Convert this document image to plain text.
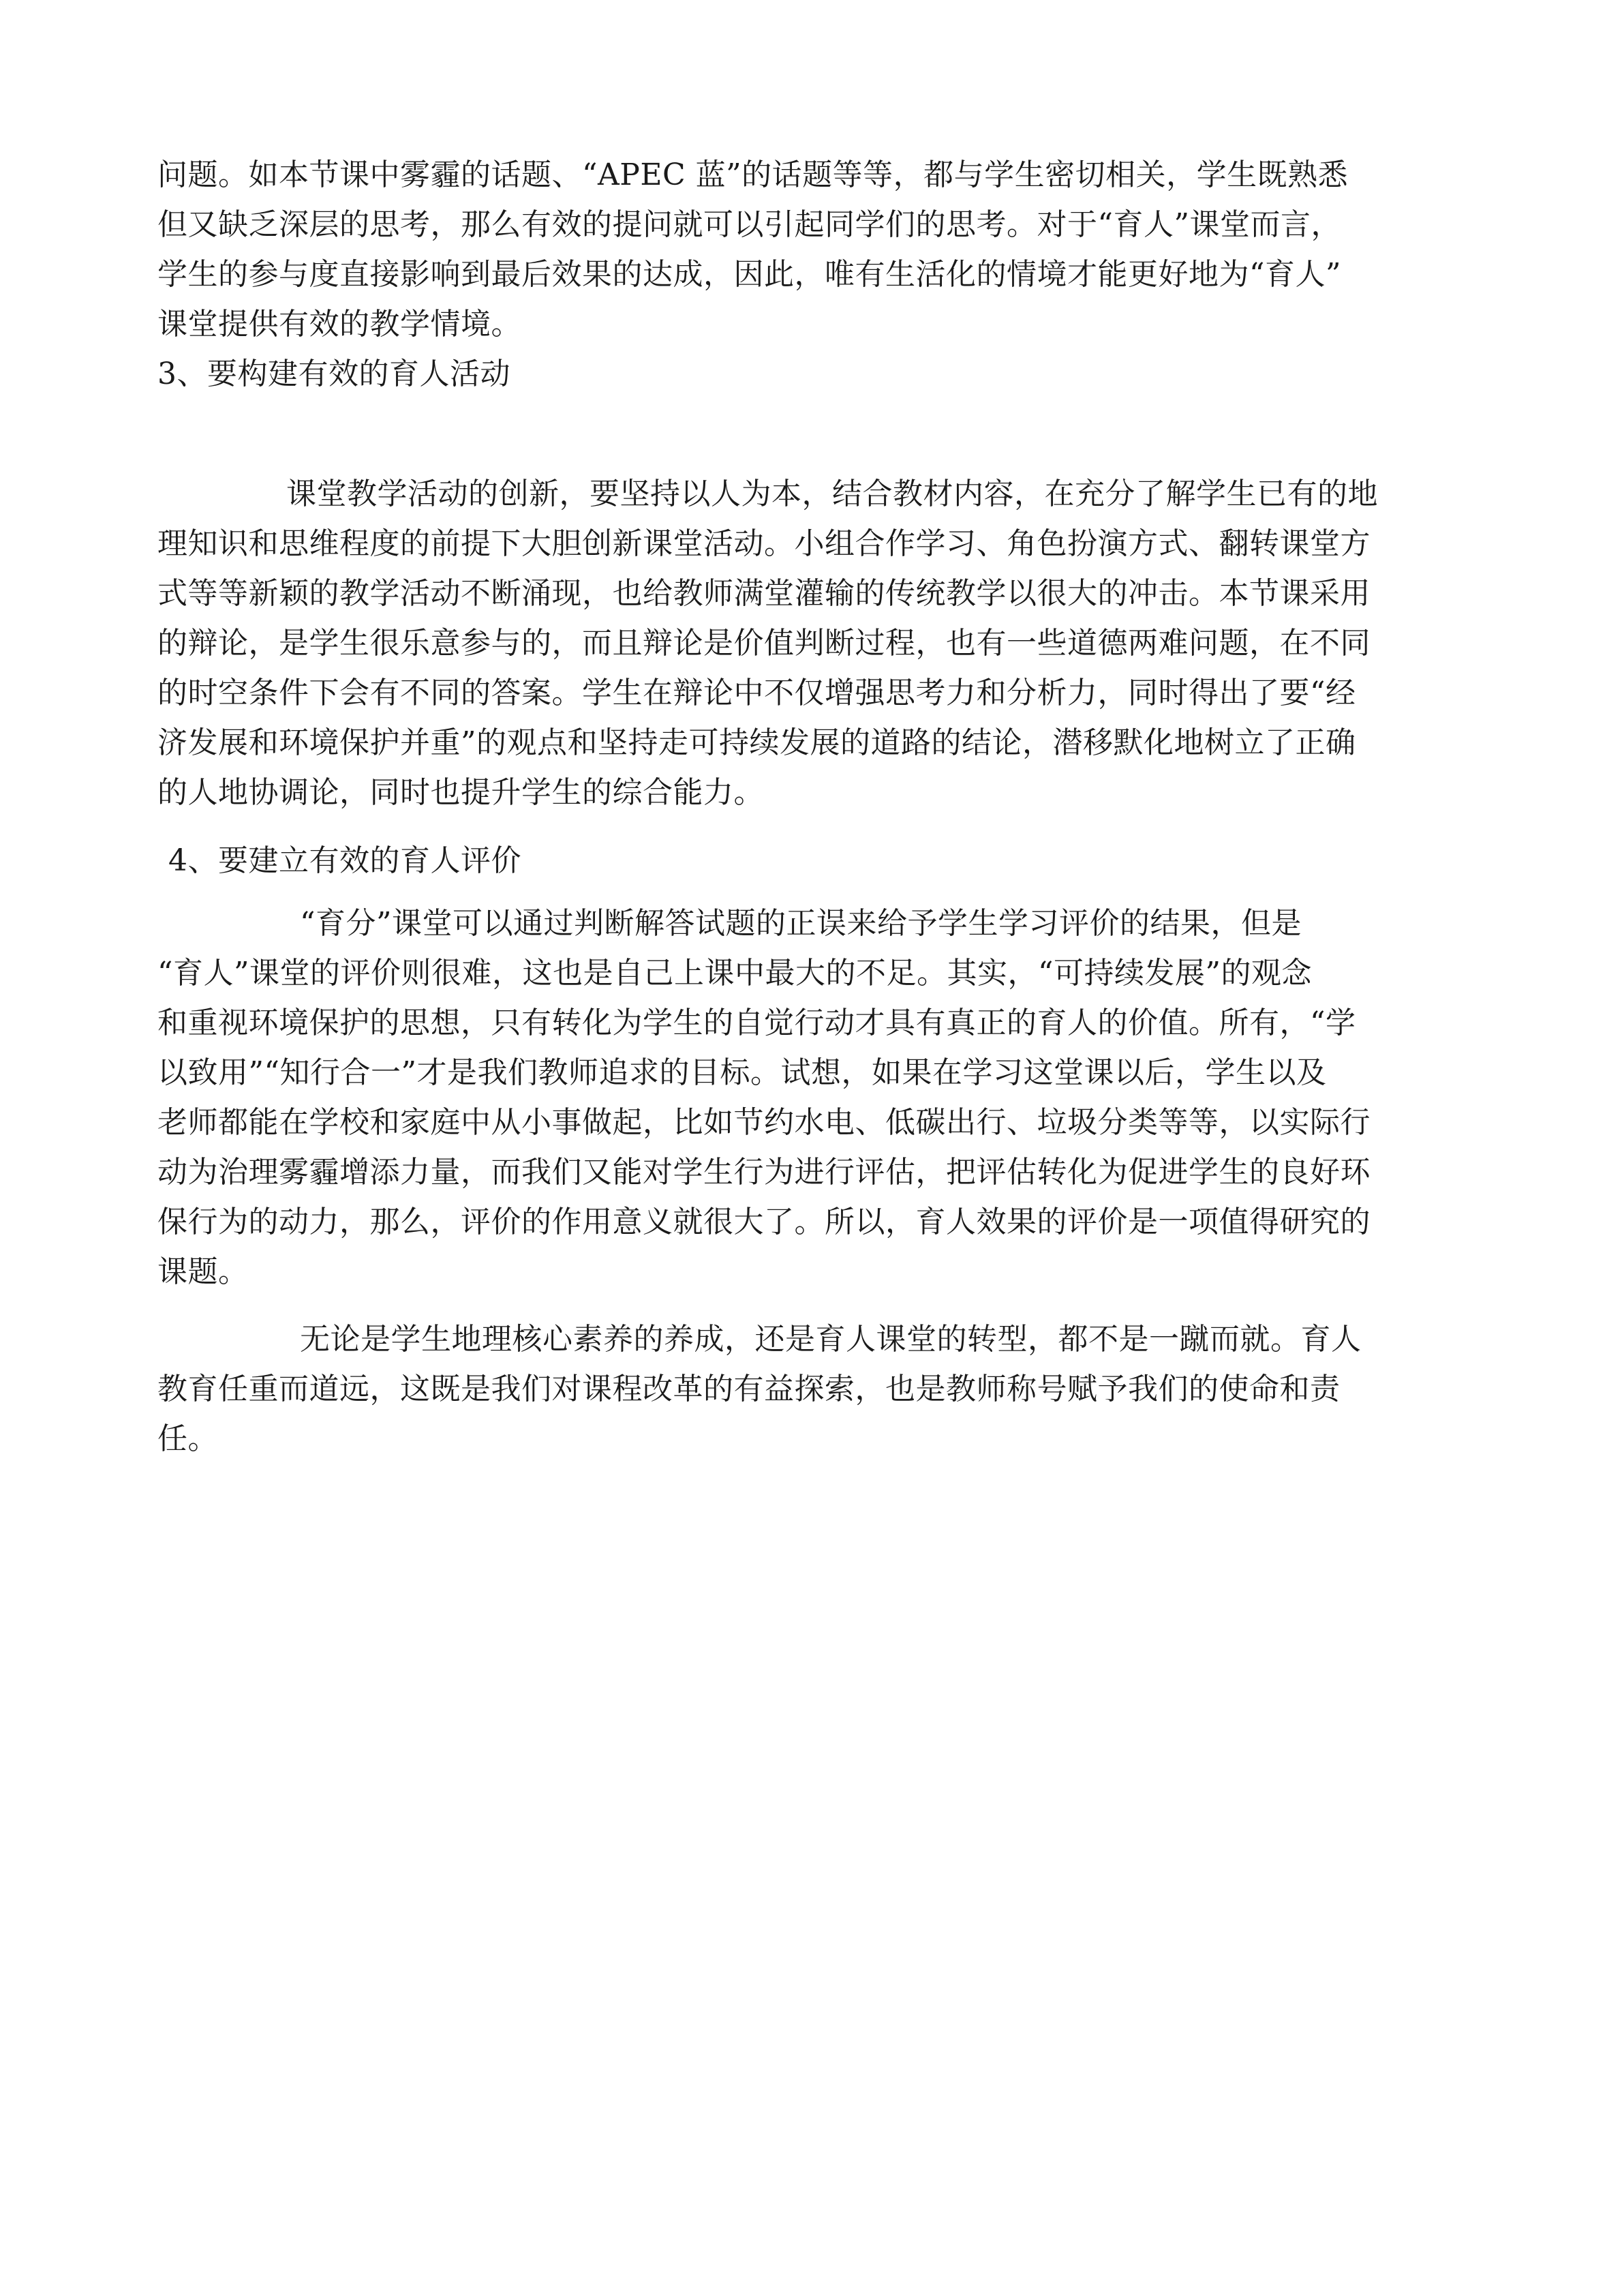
问题。如本节课中雾霾的话题、“APEC 蓝”的话题等等，都与学生密切相关，学生既熟悉
但又缺乏深层的思考，那么有效的提问就可以引起同学们的思考。对于“育人”课堂而言，
学生的参与度直接影响到最后效果的达成，因此，唯有生活化的情境才能更好地为“育人”
课堂提供有效的教学情境。
3、要构建有效的育人活动
课堂教学活动的创新，要坚持以人为本，结合教材内容，在充分了解学生已有的地
理知识和思维程度的前提下大胆创新课堂活动。小组合作学习、角色扮演方式、翻转课堂方
式等等新颖的教学活动不断涌现，也给教师满堂灌输的传统教学以很大的冲击。本节课采用
的辩论，是学生很乐意参与的，而且辩论是价值判断过程，也有一些道德两难问题，在不同
的时空条件下会有不同的答案。学生在辩论中不仅增强思考力和分析力，同时得出了要“经
济发展和环境保护并重”的观点和坚持走可持续发展的道路的结论，潜移默化地树立了正确
的人地协调论，同时也提升学生的综合能力。
4、要建立有效的育人评价
“育分”课堂可以通过判断解答试题的正误来给予学生学习评价的结果，但是
“育人”课堂的评价则很难，这也是自己上课中最大的不足。其实，“可持续发展”的观念
和重视环境保护的思想，只有转化为学生的自觉行动才具有真正的育人的价值。所有，“学
以致用”“知行合一”才是我们教师追求的目标。试想，如果在学习这堂课以后，学生以及
老师都能在学校和家庭中从小事做起，比如节约水电、低碳出行、垃圾分类等等，以实际行
动为治理雾霾增添力量，而我们又能对学生行为进行评估，把评估转化为促进学生的良好环
保行为的动力，那么，评价的作用意义就很大了。所以，育人效果的评价是一项值得研究的
课题。
无论是学生地理核心素养的养成，还是育人课堂的转型，都不是一蹴而就。育人
教育任重而道远，这既是我们对课程改革的有益探索，也是教师称号赋予我们的使命和责
任。
